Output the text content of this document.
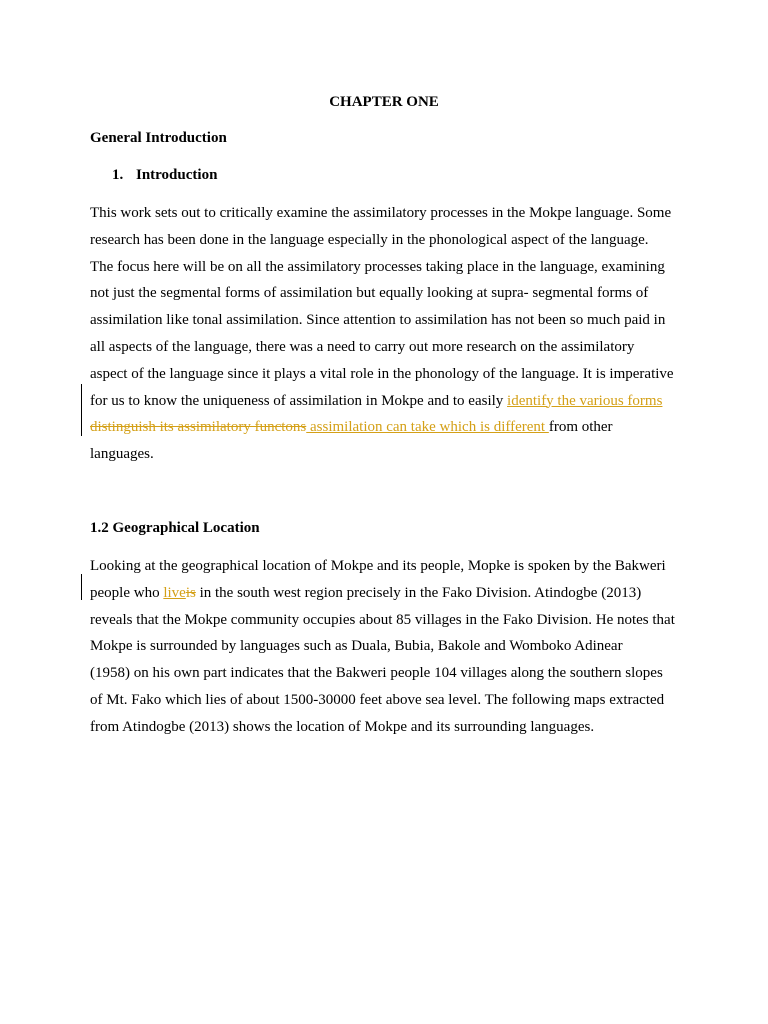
CHAPTER ONE
General Introduction
1. Introduction
This work sets out to critically examine the assimilatory processes in the Mokpe language. Some
research has been done in the language especially in the phonological aspect of the language.
The focus here will be on all the assimilatory processes taking place in the language, examining
not just the segmental forms of assimilation but equally looking at supra- segmental forms of
assimilation like tonal assimilation. Since attention to assimilation has not been so much paid in
all aspects of the language, there was a need to carry out more research on the assimilatory
aspect of the language since it plays a vital role in the phonology of the language. It is imperative
for us to know the uniqueness of assimilation in Mokpe and to easily identify the various forms
distinguish its assimilatory functons assimilation can take which is different from other
languages.
1.2 Geographical Location
Looking at the geographical location of Mokpe and its people, Mopke is spoken by the Bakweri
people who liveis in the south west region precisely in the Fako Division. Atindogbe (2013)
reveals that the Mokpe community occupies about 85 villages in the Fako Division. He notes that
Mokpe is surrounded by languages such as Duala, Bubia, Bakole and Womboko Adinear
(1958) on his own part indicates that the Bakweri people 104 villages along the southern slopes
of Mt. Fako which lies of about 1500-30000 feet above sea level. The following maps extracted
from Atindogbe (2013) shows the location of Mokpe and its surrounding languages.
